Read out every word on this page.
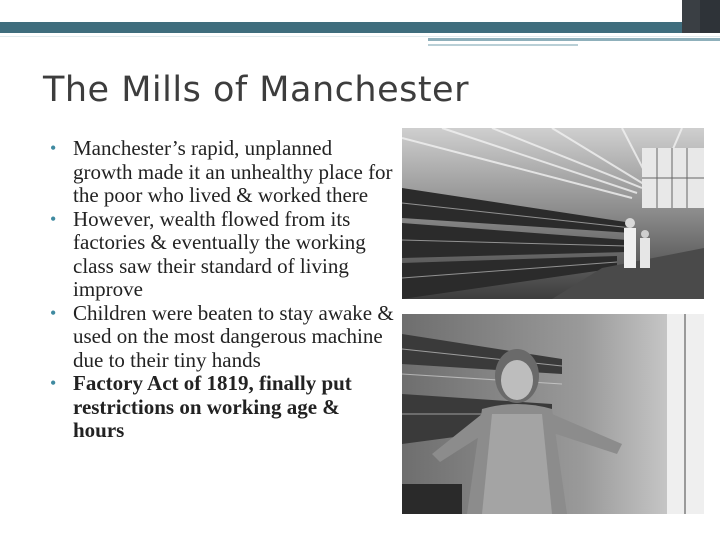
The Mills of Manchester
• Manchester’s rapid, unplanned growth made it an unhealthy place for the poor who lived & worked there
• However, wealth flowed from its factories & eventually the working class saw their standard of living improve
• Children were beaten to stay awake & used on the most dangerous machine due to their tiny hands
• Factory Act of 1819, finally put restrictions on working age & hours
